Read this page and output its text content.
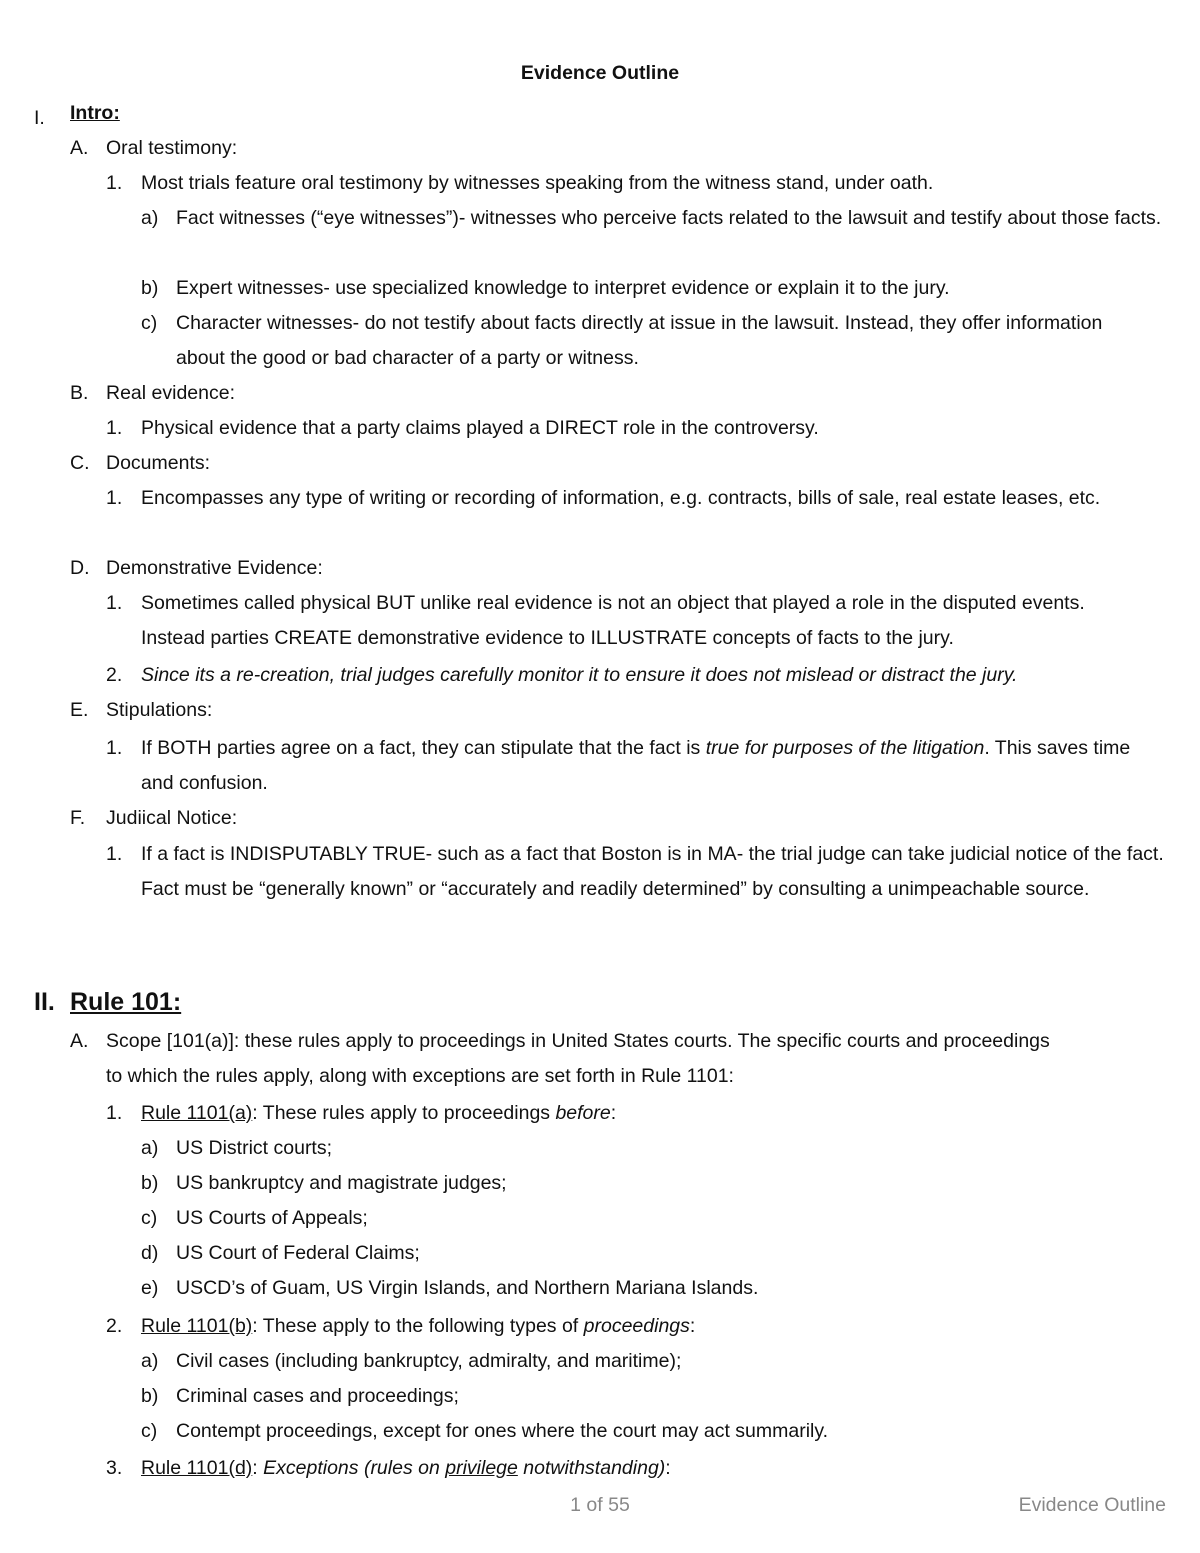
Evidence Outline
I. Intro:
A. Oral testimony:
1. Most trials feature oral testimony by witnesses speaking from the witness stand, under oath.
a) Fact witnesses (“eye witnesses”)- witnesses who perceive facts related to the lawsuit and testify about those facts.
b) Expert witnesses- use specialized knowledge to interpret evidence or explain it to the jury.
c) Character witnesses- do not testify about facts directly at issue in the lawsuit. Instead, they offer information about the good or bad character of a party or witness.
B. Real evidence:
1. Physical evidence that a party claims played a DIRECT role in the controversy.
C. Documents:
1. Encompasses any type of writing or recording of information, e.g. contracts, bills of sale, real estate leases, etc.
D. Demonstrative Evidence:
1. Sometimes called physical BUT unlike real evidence is not an object that played a role in the disputed events. Instead parties CREATE demonstrative evidence to ILLUSTRATE concepts of facts to the jury.
2. Since its a re-creation, trial judges carefully monitor it to ensure it does not mislead or distract the jury.
E. Stipulations:
1. If BOTH parties agree on a fact, they can stipulate that the fact is true for purposes of the litigation. This saves time and confusion.
F. Judiical Notice:
1. If a fact is INDISPUTABLY TRUE- such as a fact that Boston is in MA- the trial judge can take judicial notice of the fact. Fact must be “generally known” or “accurately and readily determined” by consulting a unimpeachable source.
II. Rule 101:
A. Scope [101(a)]: these rules apply to proceedings in United States courts. The specific courts and proceedings to which the rules apply, along with exceptions are set forth in Rule 1101:
1. Rule 1101(a): These rules apply to proceedings before:
a) US District courts;
b) US bankruptcy and magistrate judges;
c) US Courts of Appeals;
d) US Court of Federal Claims;
e) USCD’s of Guam, US Virgin Islands, and Northern Mariana Islands.
2. Rule 1101(b): These apply to the following types of proceedings:
a) Civil cases (including bankruptcy, admiralty, and maritime);
b) Criminal cases and proceedings;
c) Contempt proceedings, except for ones where the court may act summarily.
3. Rule 1101(d): Exceptions (rules on privilege notwithstanding):
1 of 55	Evidence Outline
